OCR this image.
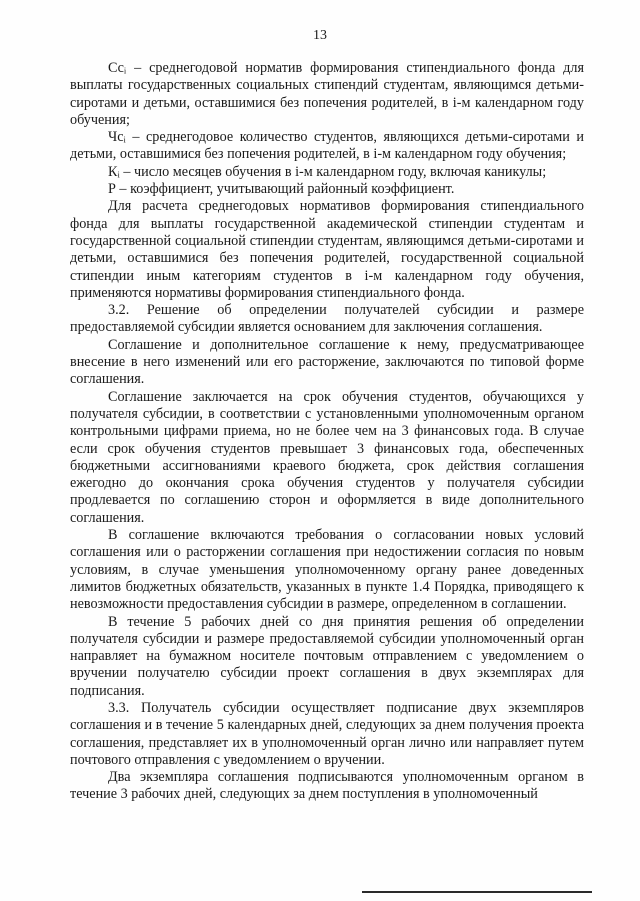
13

Ссᵢ – среднегодовой норматив формирования стипендиального фонда для выплаты государственных социальных стипендий студентам, являющимся детьми-сиротами и детьми, оставшимися без попечения родителей, в i-м календарном году обучения;

Чсᵢ – среднегодовое количество студентов, являющихся детьми-сиротами и детьми, оставшимися без попечения родителей, в i-м календарном году обучения;

Кᵢ – число месяцев обучения в i-м календарном году, включая каникулы;

Р – коэффициент, учитывающий районный коэффициент.

Для расчета среднегодовых нормативов формирования стипендиального фонда для выплаты государственной академической стипендии студентам и государственной социальной стипендии студентам, являющимся детьми-сиротами и детьми, оставшимися без попечения родителей, государственной социальной стипендии иным категориям студентов в i-м календарном году обучения, применяются нормативы формирования стипендиального фонда.

3.2. Решение об определении получателей субсидии и размере предоставляемой субсидии является основанием для заключения соглашения.

Соглашение и дополнительное соглашение к нему, предусматривающее внесение в него изменений или его расторжение, заключаются по типовой форме соглашения.

Соглашение заключается на срок обучения студентов, обучающихся у получателя субсидии, в соответствии с установленными уполномоченным органом контрольными цифрами приема, но не более чем на 3 финансовых года. В случае если срок обучения студентов превышает 3 финансовых года, обеспеченных бюджетными ассигнованиями краевого бюджета, срок действия соглашения ежегодно до окончания срока обучения студентов у получателя субсидии продлевается по соглашению сторон и оформляется в виде дополнительного соглашения.

В соглашение включаются требования о согласовании новых условий соглашения или о расторжении соглашения при недостижении согласия по новым условиям, в случае уменьшения уполномоченному органу ранее доведенных лимитов бюджетных обязательств, указанных в пункте 1.4 Порядка, приводящего к невозможности предоставления субсидии в размере, определенном в соглашении.

В течение 5 рабочих дней со дня принятия решения об определении получателя субсидии и размере предоставляемой субсидии уполномоченный орган направляет на бумажном носителе почтовым отправлением с уведомлением о вручении получателю субсидии проект соглашения в двух экземплярах для подписания.

3.3. Получатель субсидии осуществляет подписание двух экземпляров соглашения и в течение 5 календарных дней, следующих за днем получения проекта соглашения, представляет их в уполномоченный орган лично или направляет путем почтового отправления с уведомлением о вручении.

Два экземпляра соглашения подписываются уполномоченным органом в течение 3 рабочих дней, следующих за днем поступления в уполномоченный
